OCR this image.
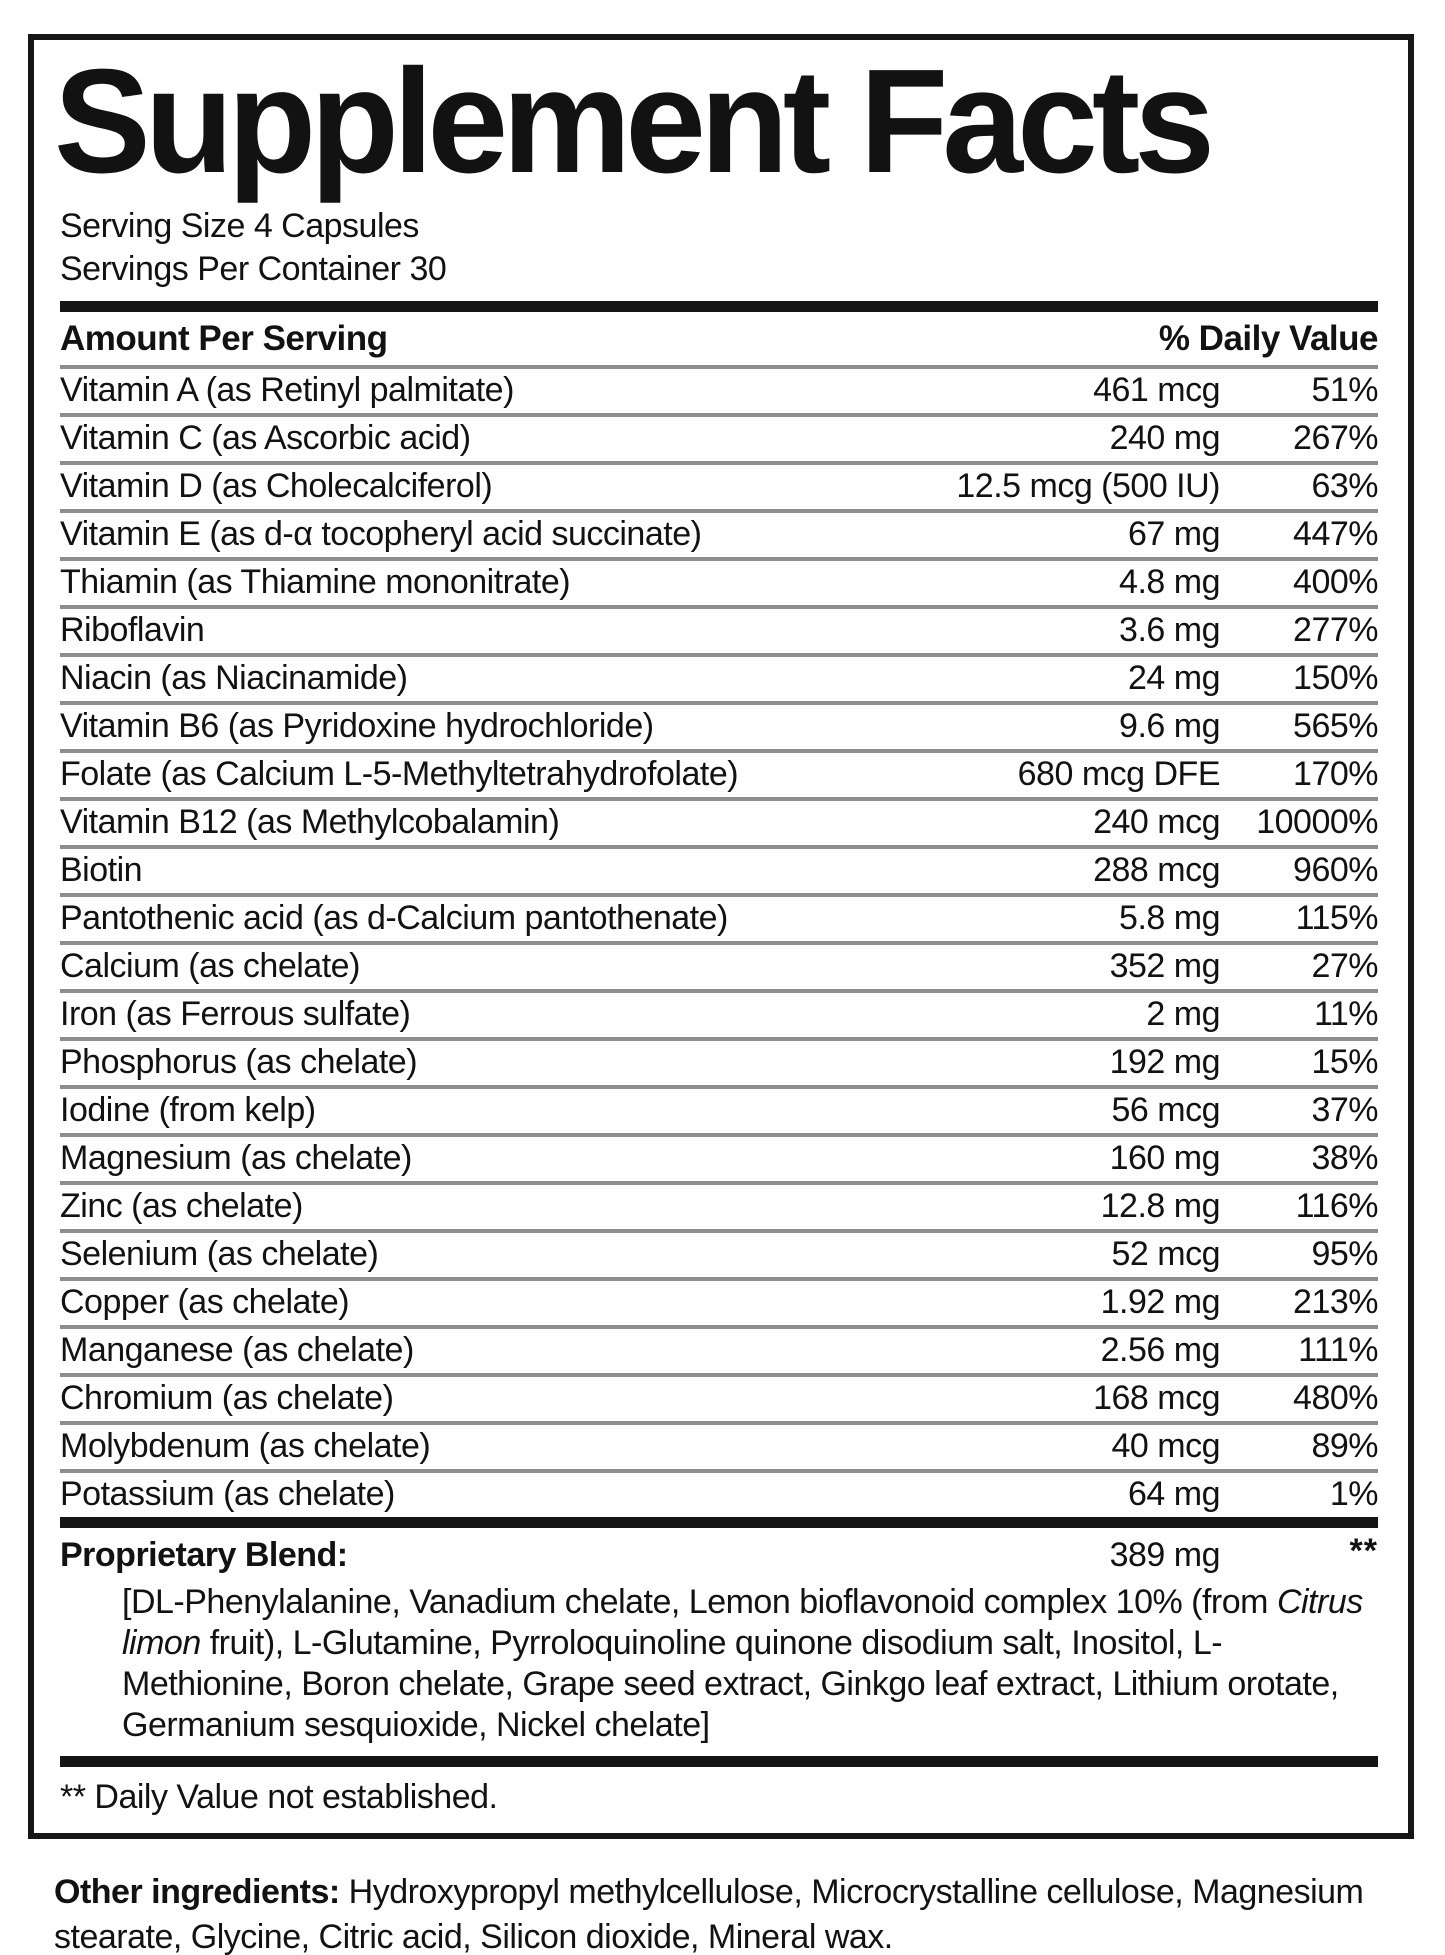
Supplement Facts
Serving Size 4 Capsules
Servings Per Container 30
Amount Per Serving	% Daily Value
Vitamin A (as Retinyl palmitate)	461 mcg	51%
Vitamin C (as Ascorbic acid)	240 mg	267%
Vitamin D (as Cholecalciferol)	12.5 mcg (500 IU)	63%
Vitamin E (as d-α tocopheryl acid succinate)	67 mg	447%
Thiamin (as Thiamine mononitrate)	4.8 mg	400%
Riboflavin	3.6 mg	277%
Niacin (as Niacinamide)	24 mg	150%
Vitamin B6 (as Pyridoxine hydrochloride)	9.6 mg	565%
Folate (as Calcium L-5-Methyltetrahydrofolate)	680 mcg DFE	170%
Vitamin B12 (as Methylcobalamin)	240 mcg	10000%
Biotin	288 mcg	960%
Pantothenic acid (as d-Calcium pantothenate)	5.8 mg	115%
Calcium (as chelate)	352 mg	27%
Iron (as Ferrous sulfate)	2 mg	11%
Phosphorus (as chelate)	192 mg	15%
Iodine (from kelp)	56 mcg	37%
Magnesium (as chelate)	160 mg	38%
Zinc (as chelate)	12.8 mg	116%
Selenium (as chelate)	52 mcg	95%
Copper (as chelate)	1.92 mg	213%
Manganese (as chelate)	2.56 mg	111%
Chromium (as chelate)	168 mcg	480%
Molybdenum (as chelate)	40 mcg	89%
Potassium (as chelate)	64 mg	1%
Proprietary Blend:	389 mg	**
[DL-Phenylalanine, Vanadium chelate, Lemon bioflavonoid complex 10% (from Citrus limon fruit), L-Glutamine, Pyrroloquinoline quinone disodium salt, Inositol, L-Methionine, Boron chelate, Grape seed extract, Ginkgo leaf extract, Lithium orotate, Germanium sesquioxide, Nickel chelate]
** Daily Value not established.

Other ingredients: Hydroxypropyl methylcellulose, Microcrystalline cellulose, Magnesium stearate, Glycine, Citric acid, Silicon dioxide, Mineral wax.
